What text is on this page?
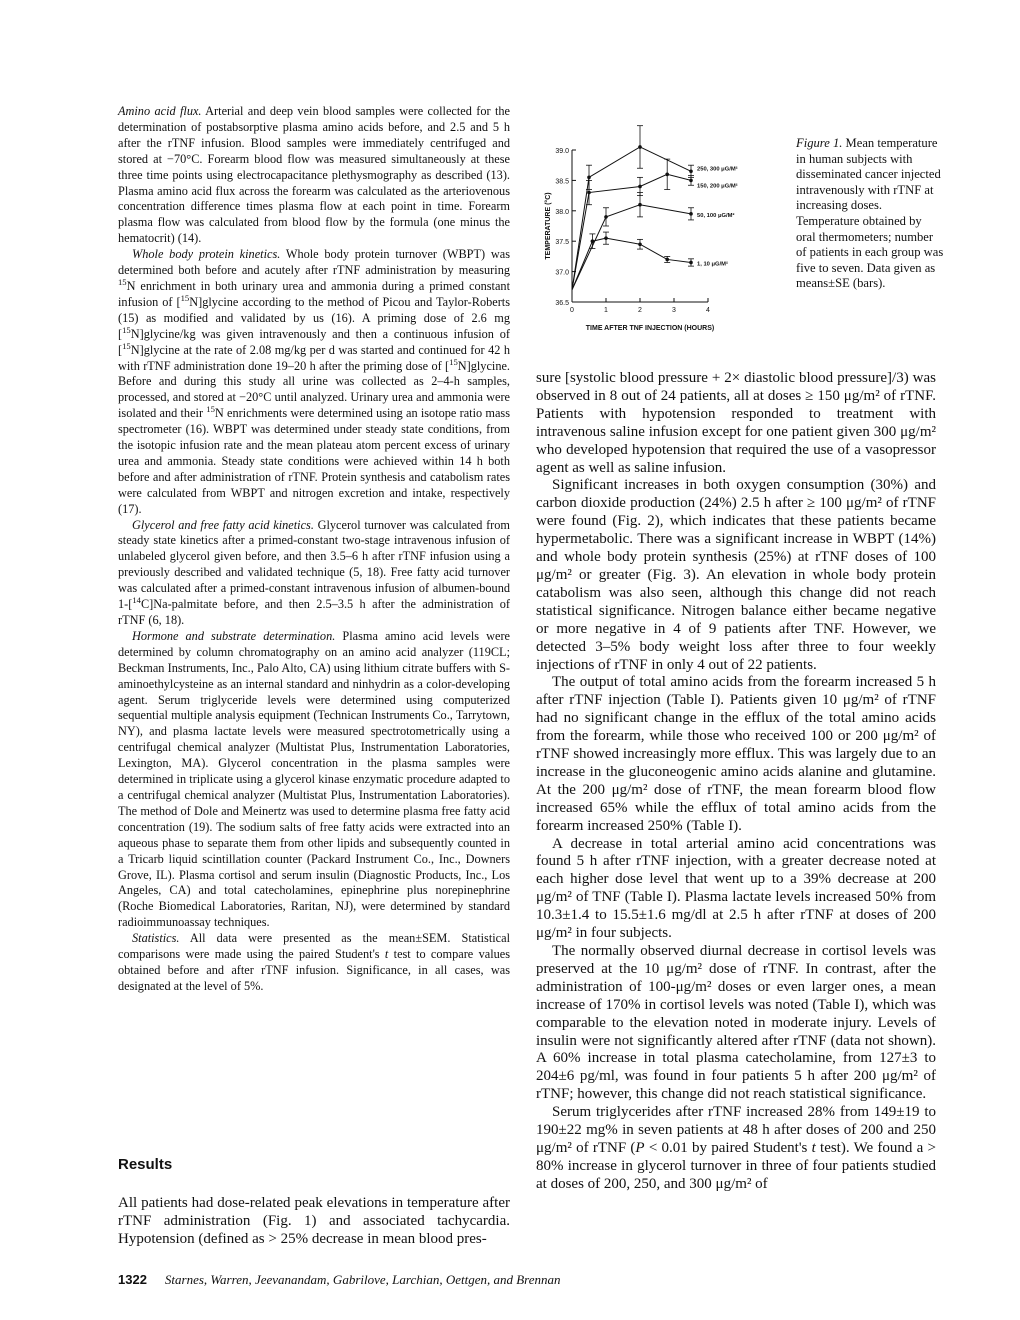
Amino acid flux. Arterial and deep vein blood samples were collected for the determination of postabsorptive plasma amino acids before, and 2.5 and 5 h after the rTNF infusion. Blood samples were immediately centrifuged and stored at −70°C. Forearm blood flow was measured simultaneously at these three time points using electrocapacitance plethysmography as described (13). Plasma amino acid flux across the forearm was calculated as the arteriovenous concentration difference times plasma flow at each point in time. Forearm plasma flow was calculated from blood flow by the formula (one minus the hematocrit) (14).

Whole body protein kinetics. Whole body protein turnover (WBPT) was determined both before and acutely after rTNF administration by measuring $^{15}$N enrichment in both urinary urea and ammonia during a primed constant infusion of [$^{15}$N]glycine according to the method of Picou and Taylor-Roberts (15) as modified and validated by us (16). A priming dose of 2.6 mg [$^{15}$N]glycine/kg was given intravenously and then a continuous infusion of [$^{15}$N]glycine at the rate of 2.08 mg/kg per d was started and continued for 42 h with rTNF administration done 19–20 h after the priming dose of [$^{15}$N]glycine. Before and during this study all urine was collected as 2–4-h samples, processed, and stored at −20°C until analyzed. Urinary urea and ammonia were isolated and their $^{15}$N enrichments were determined using an isotope ratio mass spectrometer (16). WBPT was determined under steady state conditions, from the isotopic infusion rate and the mean plateau atom percent excess of urinary urea and ammonia. Steady state conditions were achieved within 14 h both before and after administration of rTNF. Protein synthesis and catabolism rates were calculated from WBPT and nitrogen excretion and intake, respectively (17).

Glycerol and free fatty acid kinetics. Glycerol turnover was calculated from steady state kinetics after a primed-constant two-stage intravenous infusion of unlabeled glycerol given before, and then 3.5–6 h after rTNF infusion using a previously described and validated technique (5, 18). Free fatty acid turnover was calculated after a primed-constant intravenous infusion of albumen-bound 1-[$^{14}$C]Na-palmitate before, and then 2.5–3.5 h after the administration of rTNF (6, 18).

Hormone and substrate determination. Plasma amino acid levels were determined by column chromatography on an amino acid analyzer (119CL; Beckman Instruments, Inc., Palo Alto, CA) using lithium citrate buffers with S-aminoethylcysteine as an internal standard and ninhydrin as a color-developing agent. Serum triglyceride levels were determined using computerized sequential multiple analysis equipment (Technican Instruments Co., Tarrytown, NY), and plasma lactate levels were measured spectrotometrically using a centrifugal chemical analyzer (Multistat Plus, Instrumentation Laboratories, Lexington, MA). Glycerol concentration in the plasma samples were determined in triplicate using a glycerol kinase enzymatic procedure adapted to a centrifugal chemical analyzer (Multistat Plus, Instrumentation Laboratories). The method of Dole and Meinertz was used to determine plasma free fatty acid concentration (19). The sodium salts of free fatty acids were extracted into an aqueous phase to separate them from other lipids and subsequently counted in a Tricarb liquid scintillation counter (Packard Instrument Co., Inc., Downers Grove, IL). Plasma cortisol and serum insulin (Diagnostic Products, Inc., Los Angeles, CA) and total catecholamines, epinephrine plus norepinephrine (Roche Biomedical Laboratories, Raritan, NJ), were determined by standard radioimmunoassay techniques.

Statistics. All data were presented as the mean±SEM. Statistical comparisons were made using the paired Student's t test to compare values obtained before and after rTNF infusion. Significance, in all cases, was designated at the level of 5%.

Results

All patients had dose-related peak elevations in temperature after rTNF administration (Fig. 1) and associated tachycardia. Hypotension (defined as > 25% decrease in mean blood pres-

36.5
37.0
37.5
38.0
38.5
39.0
0	1	2	3	4
TIME AFTER TNF INJECTION (HOURS)
TEMPERATURE (°C)
250, 300 μG/M²
150, 200 μG/M²
50, 100 μG/M²
1, 10 μG/M²
Figure 1. Mean temperature in human subjects with disseminated cancer injected intravenously with rTNF at increasing doses. Temperature obtained by oral thermometers; number of patients in each group was five to seven. Data given as means±SE (bars).

sure [systolic blood pressure + 2× diastolic blood pressure]/3) was observed in 8 out of 24 patients, all at doses ≥ 150 μg/m² of rTNF. Patients with hypotension responded to treatment with intravenous saline infusion except for one patient given 300 μg/m² who developed hypotension that required the use of a vasopressor agent as well as saline infusion.

Significant increases in both oxygen consumption (30%) and carbon dioxide production (24%) 2.5 h after ≥ 100 μg/m² of rTNF were found (Fig. 2), which indicates that these patients became hypermetabolic. There was a significant increase in WBPT (14%) and whole body protein synthesis (25%) at rTNF doses of 100 μg/m² or greater (Fig. 3). An elevation in whole body protein catabolism was also seen, although this change did not reach statistical significance. Nitrogen balance either became negative or more negative in 4 of 9 patients after TNF. However, we detected 3–5% body weight loss after three to four weekly injections of rTNF in only 4 out of 22 patients.

The output of total amino acids from the forearm increased 5 h after rTNF injection (Table I). Patients given 10 μg/m² of rTNF had no significant change in the efflux of the total amino acids from the forearm, while those who received 100 or 200 μg/m² of rTNF showed increasingly more efflux. This was largely due to an increase in the gluconeogenic amino acids alanine and glutamine. At the 200 μg/m² dose of rTNF, the mean forearm blood flow increased 65% while the efflux of total amino acids from the forearm increased 250% (Table I).

A decrease in total arterial amino acid concentrations was found 5 h after rTNF injection, with a greater decrease noted at each higher dose level that went up to a 39% decrease at 200 μg/m² of TNF (Table I). Plasma lactate levels increased 50% from 10.3±1.4 to 15.5±1.6 mg/dl at 2.5 h after rTNF at doses of 200 μg/m² in four subjects.

The normally observed diurnal decrease in cortisol levels was preserved at the 10 μg/m² dose of rTNF. In contrast, after the administration of 100-μg/m² doses or even larger ones, a mean increase of 170% in cortisol levels was noted (Table I), which was comparable to the elevation noted in moderate injury. Levels of insulin were not significantly altered after rTNF (data not shown). A 60% increase in total plasma catecholamine, from 127±3 to 204±6 pg/ml, was found in four patients 5 h after 200 μg/m² of rTNF; however, this change did not reach statistical significance.

Serum triglycerides after rTNF increased 28% from 149±19 to 190±22 mg% in seven patients at 48 h after doses of 200 and 250 μg/m² of rTNF (P < 0.01 by paired Student's t test). We found a > 80% increase in glycerol turnover in three of four patients studied at doses of 200, 250, and 300 μg/m² of

1322 Starnes, Warren, Jeevanandam, Gabrilove, Larchian, Oettgen, and Brennan
